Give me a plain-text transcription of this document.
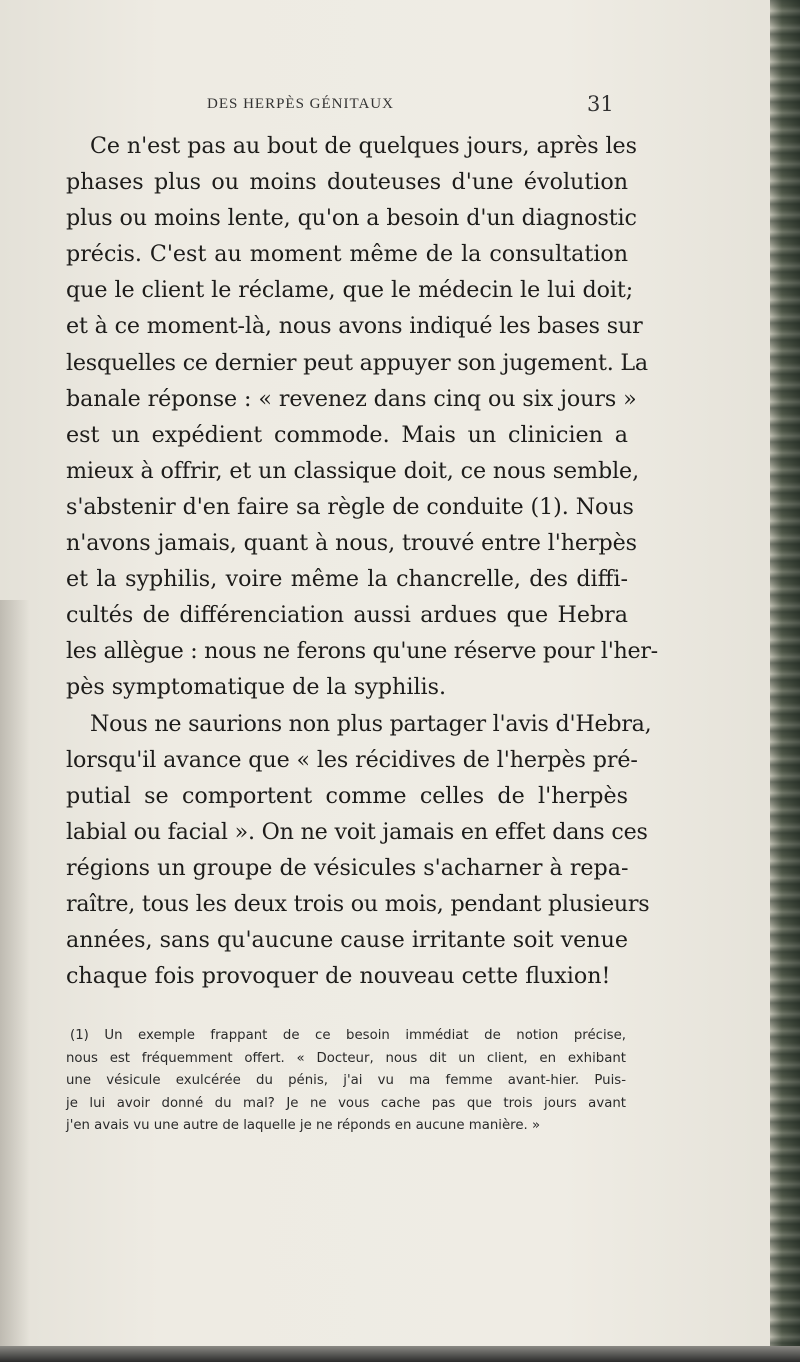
DES HERPÈS GÉNITAUX	31
Ce n'est pas au bout de quelques jours, après les
phases plus ou moins douteuses d'une évolution
plus ou moins lente, qu'on a besoin d'un diagnostic
précis. C'est au moment même de la consultation
que le client le réclame, que le médecin le lui doit;
et à ce moment-là, nous avons indiqué les bases sur
lesquelles ce dernier peut appuyer son jugement. La
banale réponse : « revenez dans cinq ou six jours »
est un expédient commode. Mais un clinicien a
mieux à offrir, et un classique doit, ce nous semble,
s'abstenir d'en faire sa règle de conduite (1). Nous
n'avons jamais, quant à nous, trouvé entre l'herpès
et la syphilis, voire même la chancrelle, des diffi-
cultés de différenciation aussi ardues que Hebra
les allègue : nous ne ferons qu'une réserve pour l'her-
pès symptomatique de la syphilis.
Nous ne saurions non plus partager l'avis d'Hebra,
lorsqu'il avance que « les récidives de l'herpès pré-
putial se comportent comme celles de l'herpès
labial ou facial ». On ne voit jamais en effet dans ces
régions un groupe de vésicules s'acharner à repa-
raître, tous les deux trois ou mois, pendant plusieurs
années, sans qu'aucune cause irritante soit venue
chaque fois provoquer de nouveau cette fluxion!
(1) Un exemple frappant de ce besoin immédiat de notion précise,
nous est fréquemment offert. « Docteur, nous dit un client, en exhibant
une vésicule exulcérée du pénis, j'ai vu ma femme avant-hier. Puis-
je lui avoir donné du mal? Je ne vous cache pas que trois jours avant
j'en avais vu une autre de laquelle je ne réponds en aucune manière. »
